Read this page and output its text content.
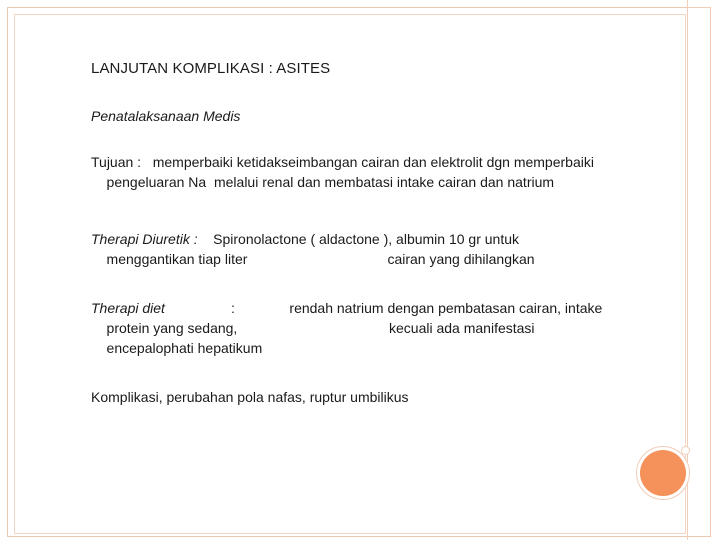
LANJUTAN KOMPLIKASI : ASITES
Penatalaksanaan Medis
Tujuan :   memperbaiki ketidakseimbangan cairan dan elektrolit dgn memperbaiki
pengeluaran Na  melalui renal dan membatasi intake cairan dan natrium
Therapi Diuretik :    Spironolactone ( aldactone ), albumin 10 gr untuk
menggantikan tiap liter                                    cairan yang dihilangkan
Therapi diet                 :              rendah natrium dengan pembatasan cairan, intake
protein yang sedang,                                       kecuali ada manifestasi
encepalophati hepatikum
Komplikasi, perubahan pola nafas, ruptur umbilikus
